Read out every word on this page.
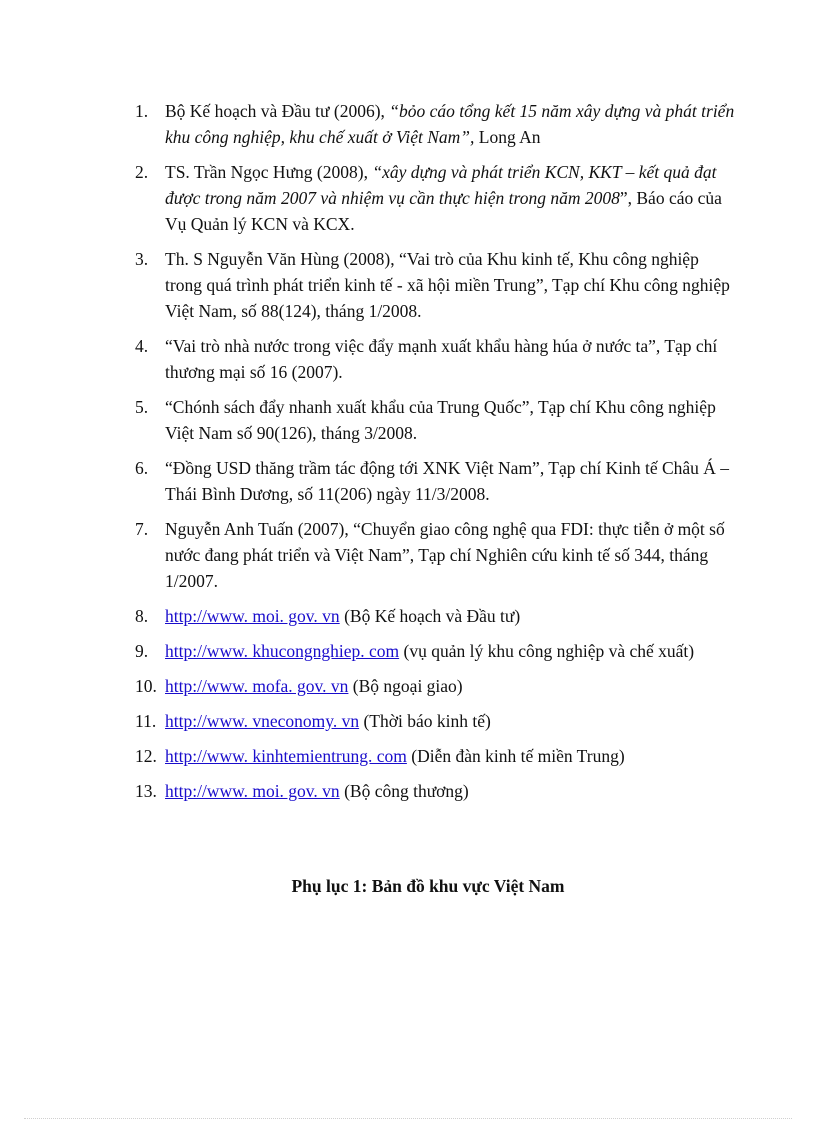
1. Bộ Kế hoạch và Đầu tư (2006), “bỏo cáo tổng kết 15 năm xây dựng và phát triển khu công nghiệp, khu chế xuất ở Việt Nam”, Long An
2. TS. Trần Ngọc Hưng (2008), “xây dựng và phát triển KCN, KKT – kết quả đạt được trong năm 2007 và nhiệm vụ cần thực hiện trong năm 2008”, Báo cáo của Vụ Quản lý KCN và KCX.
3. Th. S Nguyễn Văn Hùng (2008), “Vai trò của Khu kinh tế, Khu công nghiệp trong quá trình phát triển kinh tế - xã hội miền Trung”, Tạp chí Khu công nghiệp Việt Nam, số 88(124), tháng 1/2008.
4. “Vai trò nhà nước trong việc đẩy mạnh xuất khẩu hàng húa ở nước ta”, Tạp chí thương mại số 16 (2007).
5. “Chónh sách đẩy nhanh xuất khẩu của Trung Quốc”, Tạp chí Khu công nghiệp Việt Nam số 90(126), tháng 3/2008.
6. “Đồng USD thăng trầm tác động tới XNK Việt Nam”, Tạp chí Kinh tế Châu Á – Thái Bình Dương, số 11(206) ngày 11/3/2008.
7. Nguyễn Anh Tuấn (2007), “Chuyển giao công nghệ qua FDI: thực tiễn ở một số nước đang phát triển và Việt Nam”, Tạp chí Nghiên cứu kinh tế số 344, tháng 1/2007.
8. http://www. moi. gov. vn (Bộ Kế hoạch và Đầu tư)
9. http://www. khucongnghiep. com (vụ quản lý khu công nghiệp và chế xuất)
10. http://www. mofa. gov. vn (Bộ ngoại giao)
11. http://www. vneconomy. vn (Thời báo kinh tế)
12. http://www. kinhtemientrung. com (Diễn đàn kinh tế miền Trung)
13. http://www. moi. gov. vn (Bộ công thương)
Phụ lục 1: Bản đồ khu vực Việt Nam
